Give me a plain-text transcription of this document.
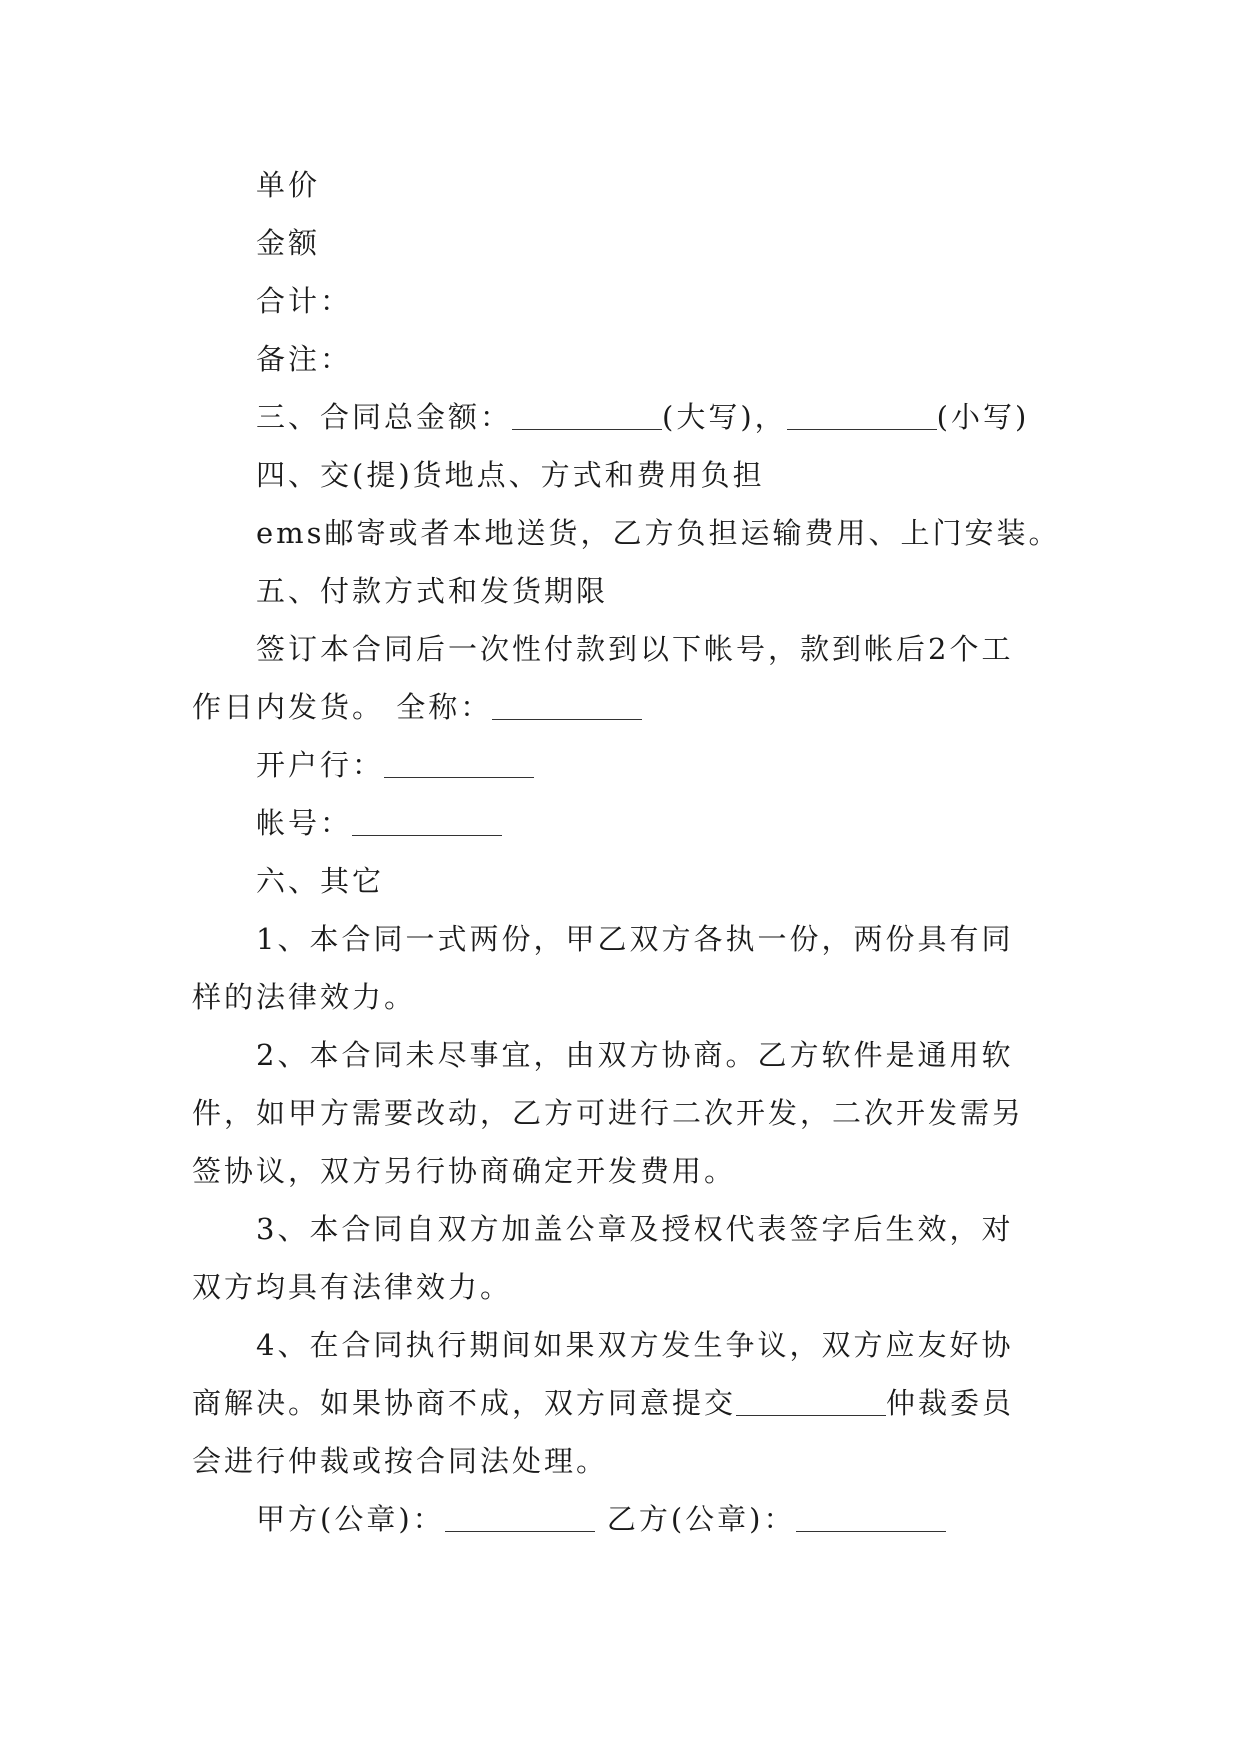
单价
金额
合计：
备注：
三、合同总金额：	(大写)，	(小写)
四、交(提)货地点、方式和费用负担
ems邮寄或者本地送货，乙方负担运输费用、上门安装。
五、付款方式和发货期限
签订本合同后一次性付款到以下帐号，款到帐后2个工
作日内发货。 全称：
开户行：
帐号：
六、其它
1、本合同一式两份，甲乙双方各执一份，两份具有同
样的法律效力。
2、本合同未尽事宜，由双方协商。乙方软件是通用软
件，如甲方需要改动，乙方可进行二次开发，二次开发需另
签协议，双方另行协商确定开发费用。
3、本合同自双方加盖公章及授权代表签字后生效，对
双方均具有法律效力。
4、在合同执行期间如果双方发生争议，双方应友好协
商解决。如果协商不成，双方同意提交	仲裁委员
会进行仲裁或按合同法处理。
甲方(公章)：	乙方(公章)：
